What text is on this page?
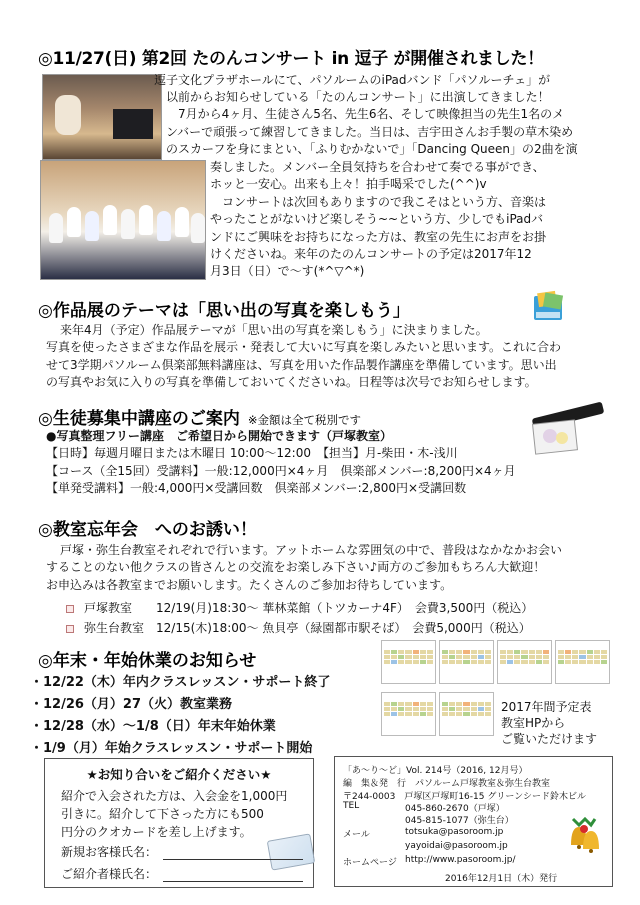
◎11/27(日) 第2回 たのんコンサート in 逗子 が開催されました！
逗子文化プラザホールにて、パソルームのiPadバンド「パソルーチェ」が
以前からお知らせしている「たのんコンサート」に出演してきました！
7月から4ヶ月、生徒さん5名、先生6名、そして映像担当の先生1名のメ
ンバーで頑張って練習してきました。当日は、吉宇田さんお手製の草木染め
のスカーフを身にまとい、「ふりむかないで」「Dancing Queen」の2曲を演
奏しました。メンバー全員気持ちを合わせて奏でる事ができ、
ホッと一安心。出来も上々！拍手喝采でした(^^)v
コンサートは次回もありますので我こそはという方、音楽は
やったことがないけど楽しそう~~という方、少しでもiPadバ
ンドにご興味をお持ちになった方は、教室の先生にお声をお掛
けくださいね。来年のたのんコンサートの予定は2017年12
月3日（日）で～す(*^▽^*)
◎作品展のテーマは「思い出の写真を楽しもう」
来年4月（予定）作品展テーマが「思い出の写真を楽しもう」に決まりました。
写真を使ったさまざまな作品を展示・発表して大いに写真を楽しみたいと思います。これに合わ
せて3学期パソルーム倶楽部無料講座は、写真を用いた作品製作講座を準備しています。思い出
の写真やお気に入りの写真を準備しておいてくださいね。日程等は次号でお知らせします。
◎生徒募集中講座のご案内 ※金額は全て税別です
●写真整理フリー講座　ご希望日から開始できます（戸塚教室）
【日時】毎週月曜日または木曜日 10:00～12:00　【担当】月-柴田・木-浅川
【コース（全15回）受講料】一般:12,000円×4ヶ月　倶楽部メンバー:8,200円×4ヶ月
【単発受講料】一般:4,000円×受講回数　倶楽部メンバー:2,800円×受講回数
◎教室忘年会　へのお誘い！
戸塚・弥生台教室それぞれで行います。アットホームな雰囲気の中で、普段はなかなかお会い
することのない他クラスの皆さんとの交流をお楽しみ下さい♪両方のご参加もちろん大歓迎！
お申込みは各教室までお願いします。たくさんのご参加お待ちしています。
戸塚教室　　12/19(月)18:30～ 華林菜館（トツカーナ4F）　会費3,500円（税込）
弥生台教室　12/15(木)18:00～ 魚貝亭（緑園都市駅そば）　会費5,000円（税込）
◎年末・年始休業のお知らせ
・12/22（木）年内クラスレッスン・サポート終了
・12/26（月）27（火）教室業務
・12/28（水）～1/8（日）年末年始休業
・1/9（月）年始クラスレッスン・サポート開始
2017年間予定表
教室HPから
ご覧いただけます
★お知り合いをご紹介ください★
紹介で入会された方は、入会金を1,000円
引きに。紹介して下さった方にも500
円分のクオカードを差し上げます。
新規お客様氏名：
ご紹介者様氏名：
「あ～り～ど」Vol. 214号（2016, 12月号）
編　集＆発　行　パソルーム戸塚教室＆弥生台教室
〒244-0003　戸塚区戸塚町16-15 グリーンシード鈴木ビル
TEL	045-860-2670（戸塚）
045-815-1077（弥生台）
メール	totsuka@pasoroom.jp
yayoidai@pasoroom.jp
ホームページ http://www.pasoroom.jp/
2016年12月1日（木）発行
